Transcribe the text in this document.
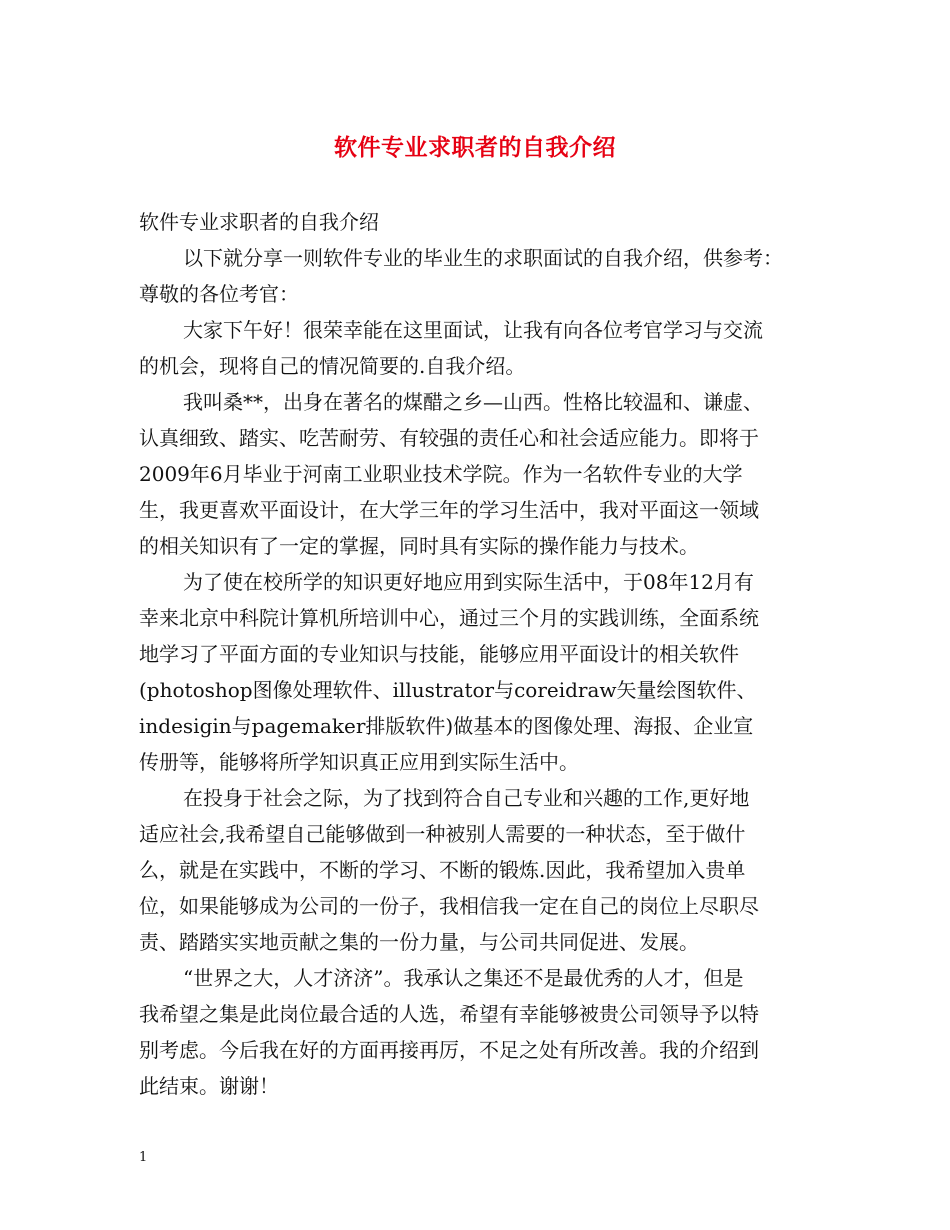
软件专业求职者的自我介绍
软件专业求职者的自我介绍
以下就分享一则软件专业的毕业生的求职面试的自我介绍，供参考：
尊敬的各位考官：
大家下午好！很荣幸能在这里面试，让我有向各位考官学习与交流
的机会，现将自己的情况简要的.自我介绍。
我叫桑**，出身在著名的煤醋之乡—山西。性格比较温和、谦虚、
认真细致、踏实、吃苦耐劳、有较强的责任心和社会适应能力。即将于
2009年6月毕业于河南工业职业技术学院。作为一名软件专业的大学
生，我更喜欢平面设计，在大学三年的学习生活中，我对平面这一领域
的相关知识有了一定的掌握，同时具有实际的操作能力与技术。
为了使在校所学的知识更好地应用到实际生活中，于08年12月有
幸来北京中科院计算机所培训中心，通过三个月的实践训练，全面系统
地学习了平面方面的专业知识与技能，能够应用平面设计的相关软件
(photoshop图像处理软件、illustrator与coreidraw矢量绘图软件、
indesigin与pagemaker排版软件)做基本的图像处理、海报、企业宣
传册等，能够将所学知识真正应用到实际生活中。
在投身于社会之际，为了找到符合自己专业和兴趣的工作,更好地
适应社会,我希望自己能够做到一种被别人需要的一种状态，至于做什
么，就是在实践中，不断的学习、不断的锻炼.因此，我希望加入贵单
位，如果能够成为公司的一份子，我相信我一定在自己的岗位上尽职尽
责、踏踏实实地贡献之集的一份力量，与公司共同促进、发展。
“世界之大，人才济济”。我承认之集还不是最优秀的人才，但是
我希望之集是此岗位最合适的人选，希望有幸能够被贵公司领导予以特
别考虑。今后我在好的方面再接再厉，不足之处有所改善。我的介绍到
此结束。谢谢！
1
